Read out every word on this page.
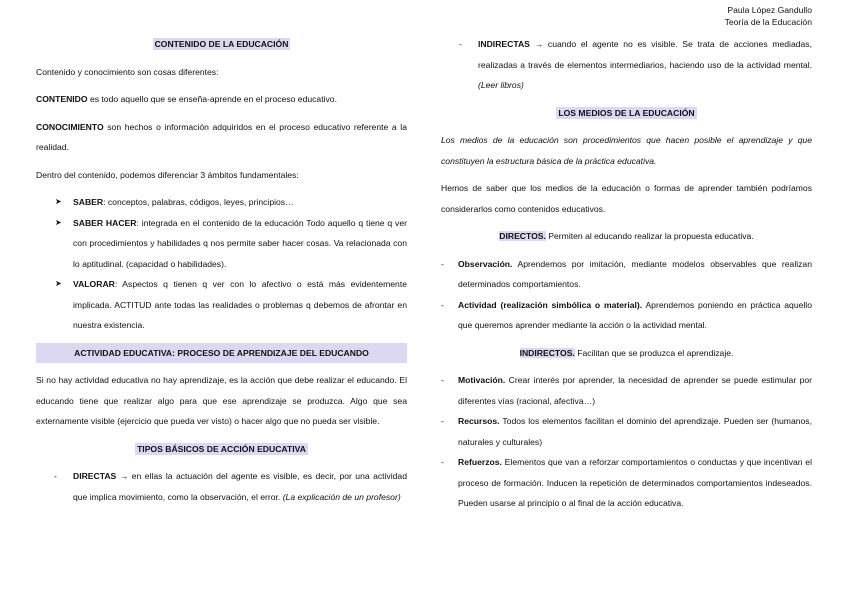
Paula López Gandullo
Teoría de la Educación
CONTENIDO DE LA EDUCACIÓN

Contenido y conocimiento son cosas diferentes:

CONTENIDO es todo aquello que se enseña-aprende en el proceso educativo.

CONOCIMIENTO son hechos o información adquiridos en el proceso educativo referente a la realidad.

Dentro del contenido, podemos diferenciar 3 ámbitos fundamentales:

➤ SABER: conceptos, palabras, códigos, leyes, principios…
➤ SABER HACER: integrada en el contenido de la educación Todo aquello q tiene q ver con procedimientos y habilidades q nos permite saber hacer cosas. Va relacionada con lo aptitudinal. (capacidad o habilidades).
➤ VALORAR: Aspectos q tienen q ver con lo afectivo o está más evidentemente implicada. ACTITUD ante todas las realidades o problemas q debemos de afrontar en nuestra existencia.
ACTIVIDAD EDUCATIVA: PROCESO DE APRENDIZAJE DEL EDUCANDO

Si no hay actividad educativa no hay aprendizaje, es la acción que debe realizar el educando. El educando tiene que realizar algo para que ese aprendizaje se produzca. Algo que sea externamente visible (ejercicio que pueda ver visto) o hacer algo que no pueda ser visible.

TIPOS BÁSICOS DE ACCIÓN EDUCATIVA
- DIRECTAS → en ellas la actuación del agente es visible, es decir, por una actividad que implica movimiento, como la observación, el error. (La explicación de un profesor)
- INDIRECTAS → cuando el agente no es visible. Se trata de acciones mediadas, realizadas a través de elementos intermediarios, haciendo uso de la actividad mental. (Leer libros)
LOS MEDIOS DE LA EDUCACIÓN

Los medios de la educación son procedimientos que hacen posible el aprendizaje y que constituyen la estructura básica de la práctica educativa.

Hemos de saber que los medios de la educación o formas de aprender también podríamos considerarlos como contenidos educativos.

DIRECTOS. Permiten al educando realizar la propuesta educativa.
- Observación. Aprendemos por imitación, mediante modelos observables que realizan determinados comportamientos.
- Actividad (realización simbólica o material). Aprendemos poniendo en práctica aquello que queremos aprender mediante la acción o la actividad mental.
INDIRECTOS. Facilitan que se produzca el aprendizaje.
- Motivación. Crear interés por aprender, la necesidad de aprender se puede estimular por diferentes vías (racional, afectiva…)
- Recursos. Todos los elementos facilitan el dominio del aprendizaje. Pueden ser (humanos, naturales y culturales)
- Refuerzos. Elementos que van a reforzar comportamientos o conductas y que incentivan el proceso de formación. Inducen la repetición de determinados comportamientos indeseados. Pueden usarse al principio o al final de la acción educativa.
